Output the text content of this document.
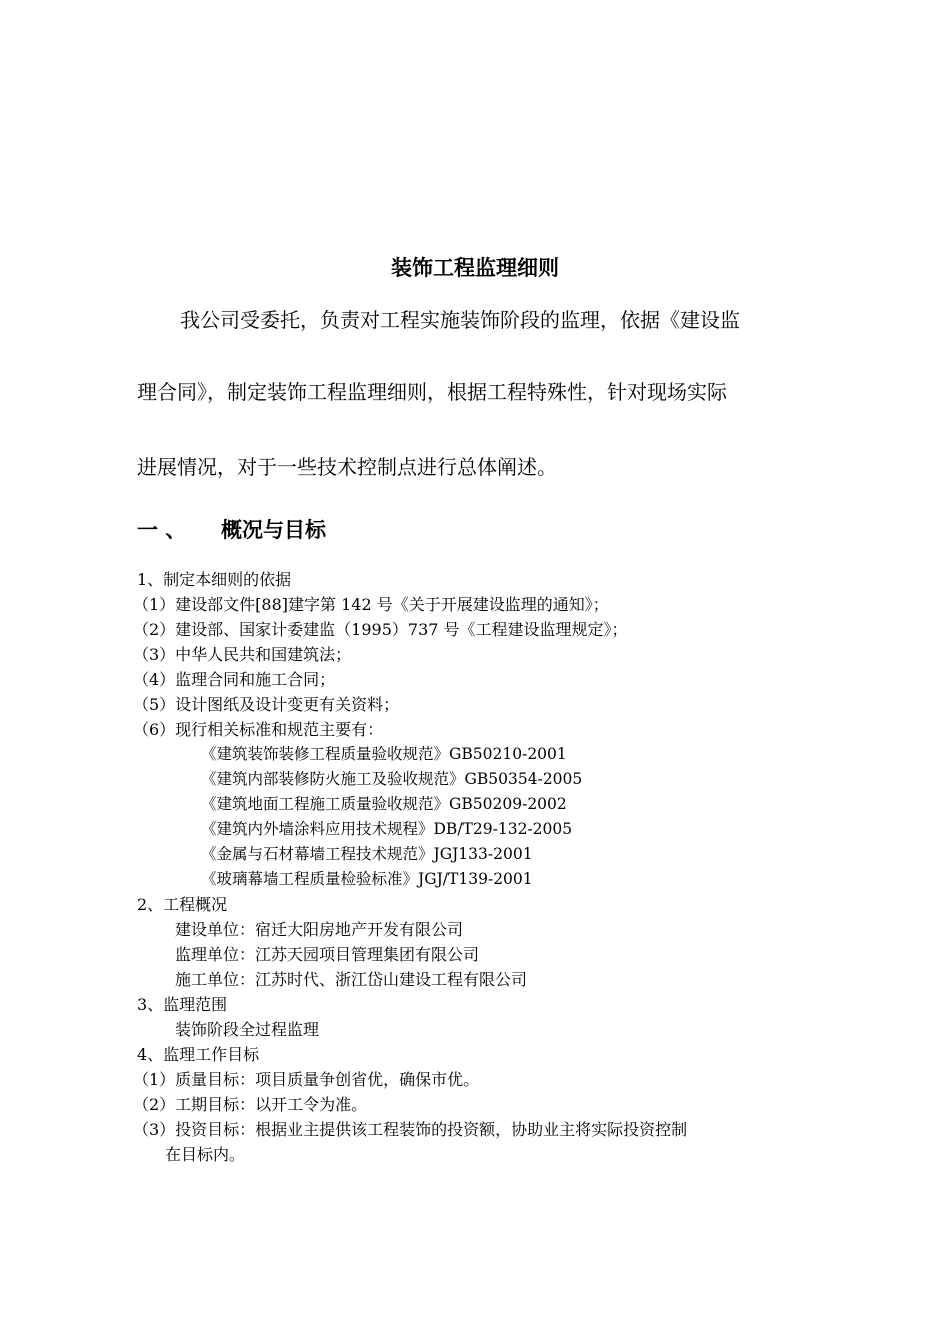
装饰工程监理细则

我公司受委托，负责对工程实施装饰阶段的监理，依据《建设监

理合同》，制定装饰工程监理细则，根据工程特殊性，针对现场实际

进展情况，对于一些技术控制点进行总体阐述。

一 、 概况与目标
1、制定本细则的依据
（1）建设部文件[88]建字第 142 号《关于开展建设监理的通知》；
（2）建设部、国家计委建监（1995）737 号《工程建设监理规定》；
（3）中华人民共和国建筑法；
（4）监理合同和施工合同；
（5）设计图纸及设计变更有关资料；
（6）现行相关标准和规范主要有：
《建筑装饰装修工程质量验收规范》GB50210-2001
《建筑内部装修防火施工及验收规范》GB50354-2005
《建筑地面工程施工质量验收规范》GB50209-2002
《建筑内外墙涂料应用技术规程》DB/T29-132-2005
《金属与石材幕墙工程技术规范》JGJ133-2001
《玻璃幕墙工程质量检验标准》JGJ/T139-2001
2、工程概况
建设单位：宿迁大阳房地产开发有限公司
监理单位：江苏天园项目管理集团有限公司
施工单位：江苏时代、浙江岱山建设工程有限公司
3、监理范围
装饰阶段全过程监理
4、监理工作目标
（1）质量目标：项目质量争创省优，确保市优。
（2）工期目标：以开工令为准。
（3）投资目标：根据业主提供该工程装饰的投资额，协助业主将实际投资控制
在目标内。
